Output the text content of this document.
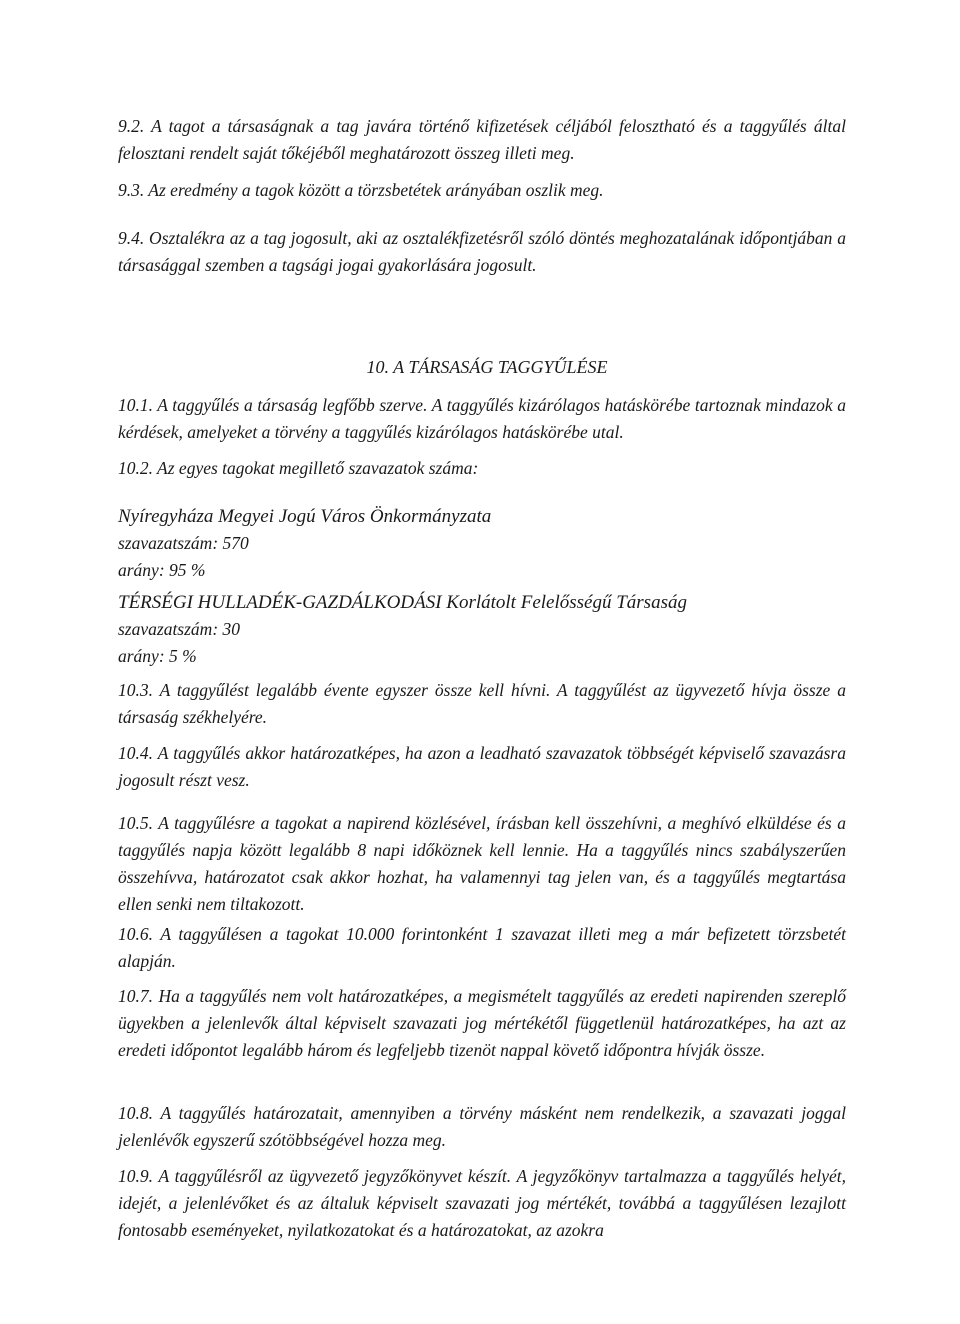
9.2. A tagot a társaságnak a tag javára történő kifizetések céljából felosztható és a taggyűlés által felosztani rendelt saját tőkéjéből meghatározott összeg illeti meg.

9.3. Az eredmény a tagok között a törzsbetétek arányában oszlik meg.

9.4. Osztalékra az a tag jogosult, aki az osztalékfizetésről szóló döntés meghozatalának időpontjában a társasággal szemben a tagsági jogai gyakorlására jogosult.

10. A TÁRSASÁG TAGGYŰLÉSE

10.1. A taggyűlés a társaság legfőbb szerve. A taggyűlés kizárólagos hatáskörébe tartoznak mindazok a kérdések, amelyeket a törvény a taggyűlés kizárólagos hatáskörébe utal.

10.2. Az egyes tagokat megillető szavazatok száma:

Nyíregyháza Megyei Jogú Város Önkormányzata
szavazatszám: 570
arány: 95 %
TÉRSÉGI HULLADÉK-GAZDÁLKODÁSI Korlátolt Felelősségű Társaság
szavazatszám: 30
arány: 5 %

10.3. A taggyűlést legalább évente egyszer össze kell hívni. A taggyűlést az ügyvezető hívja össze a társaság székhelyére.

10.4. A taggyűlés akkor határozatképes, ha azon a leadható szavazatok többségét képviselő szavazásra jogosult részt vesz.

10.5. A taggyűlésre a tagokat a napirend közlésével, írásban kell összehívni, a meghívó elküldése és a taggyűlés napja között legalább 8 napi időköznek kell lennie. Ha a taggyűlés nincs szabályszerűen összehívva, határozatot csak akkor hozhat, ha valamennyi tag jelen van, és a taggyűlés megtartása ellen senki nem tiltakozott.

10.6. A taggyűlésen a tagokat 10.000 forintonként 1 szavazat illeti meg a már befizetett törzsbetét alapján.

10.7. Ha a taggyűlés nem volt határozatképes, a megismételt taggyűlés az eredeti napirenden szereplő ügyekben a jelenlevők által képviselt szavazati jog mértékétől függetlenül határozatképes, ha azt az eredeti időpontot legalább három és legfeljebb tizenöt nappal követő időpontra hívják össze.

10.8. A taggyűlés határozatait, amennyiben a törvény másként nem rendelkezik, a szavazati joggal jelenlévők egyszerű szótöbbségével hozza meg.

10.9. A taggyűlésről az ügyvezető jegyzőkönyvet készít. A jegyzőkönyv tartalmazza a taggyűlés helyét, idejét, a jelenlévőket és az általuk képviselt szavazati jog mértékét, továbbá a taggyűlésen lezajlott fontosabb eseményeket, nyilatkozatokat és a határozatokat, az azokra
